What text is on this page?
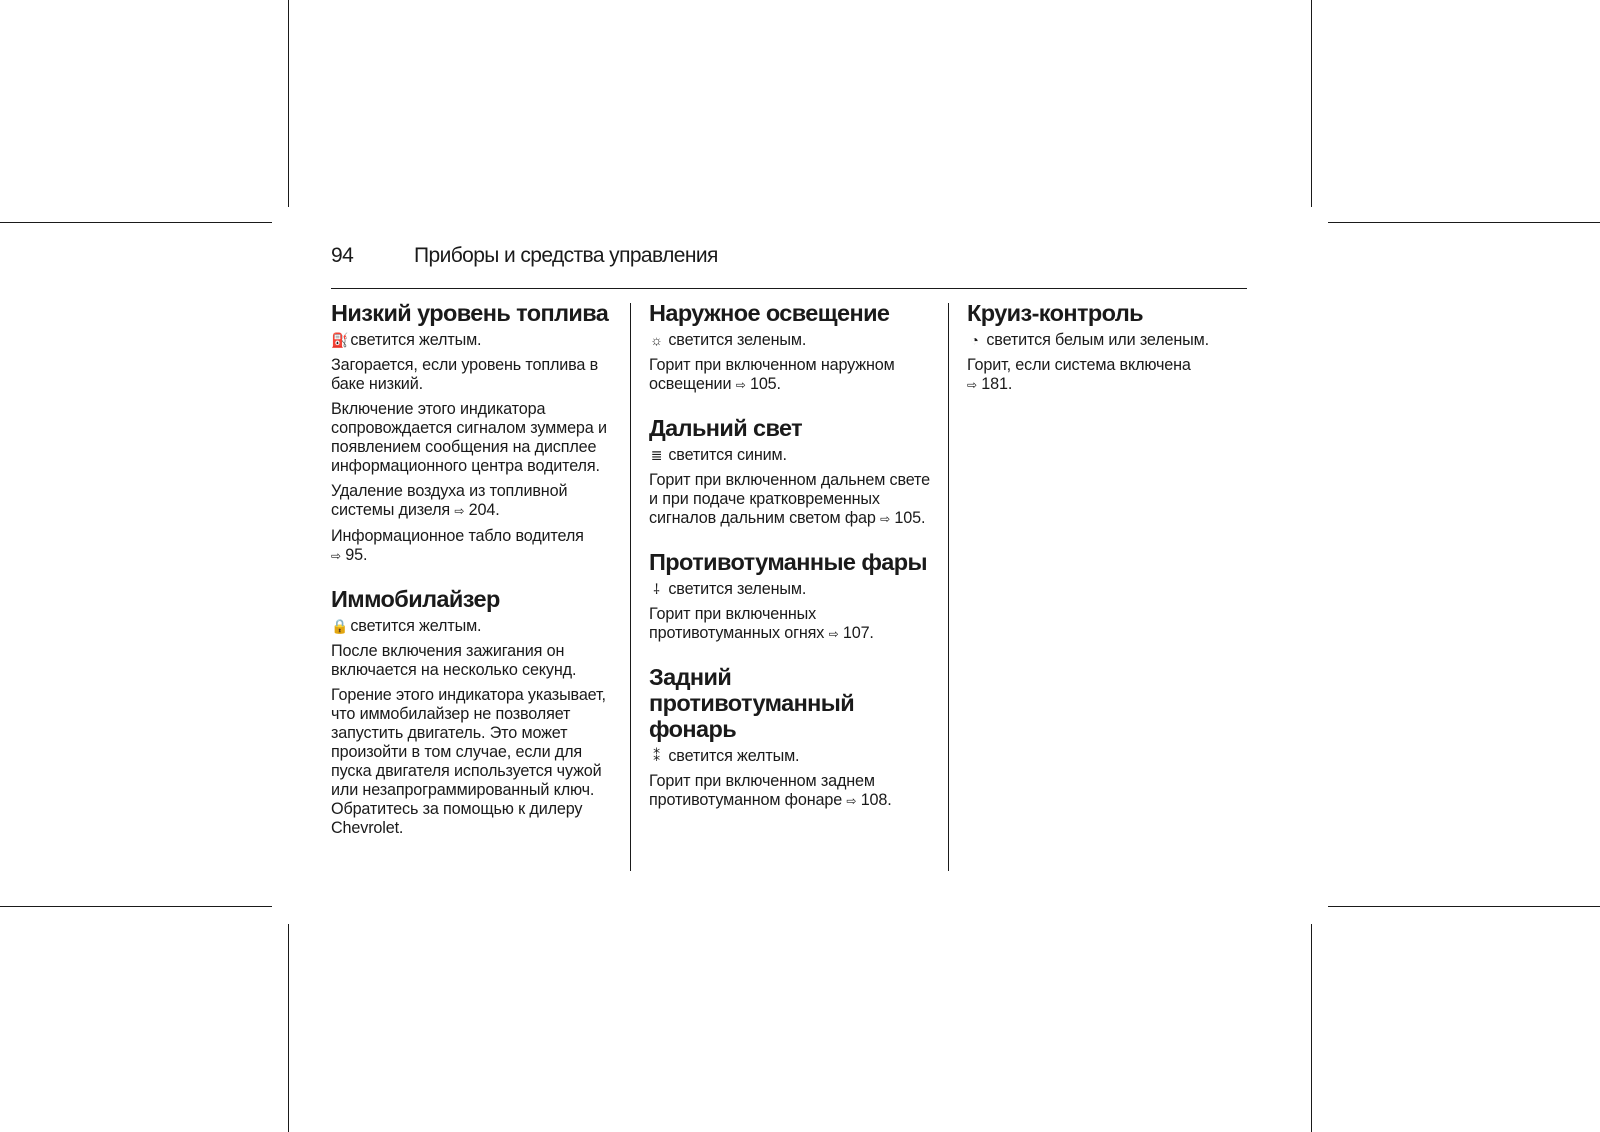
94	Приборы и средства управления
Низкий уровень топлива

⛽ светится желтым.

Загорается, если уровень топлива в баке низкий.

Включение этого индикатора сопровождается сигналом зуммера и появлением сообщения на дисплее информационного центра водителя.

Удаление воздуха из топливной системы дизеля ⇨ 204.

Информационное табло водителя
⇨ 95.

Иммобилайзер

🔒 светится желтым.

После включения зажигания он включается на несколько секунд.

Горение этого индикатора указывает, что иммобилайзер не позволяет запустить двигатель. Это может произойти в том случае, если для пуска двигателя используется чужой или незапрограммированный ключ. Обратитесь за помощью к дилеру Chevrolet.

Наружное освещение

☼ светится зеленым.

Горит при включенном наружном освещении ⇨ 105.

Дальний свет

≣ светится синим.

Горит при включенном дальнем свете и при подаче кратковременных сигналов дальним светом фар ⇨ 105.

Противотуманные фары

⸸ светится зеленым.

Горит при включенных противотуманных огнях ⇨ 107.

Задний противотуманный фонарь

⁑ светится желтым.

Горит при включенном заднем противотуманном фонаре ⇨ 108.

Круиз-контроль

◔ светится белым или зеленым.

Горит, если система включена
⇨ 181.
